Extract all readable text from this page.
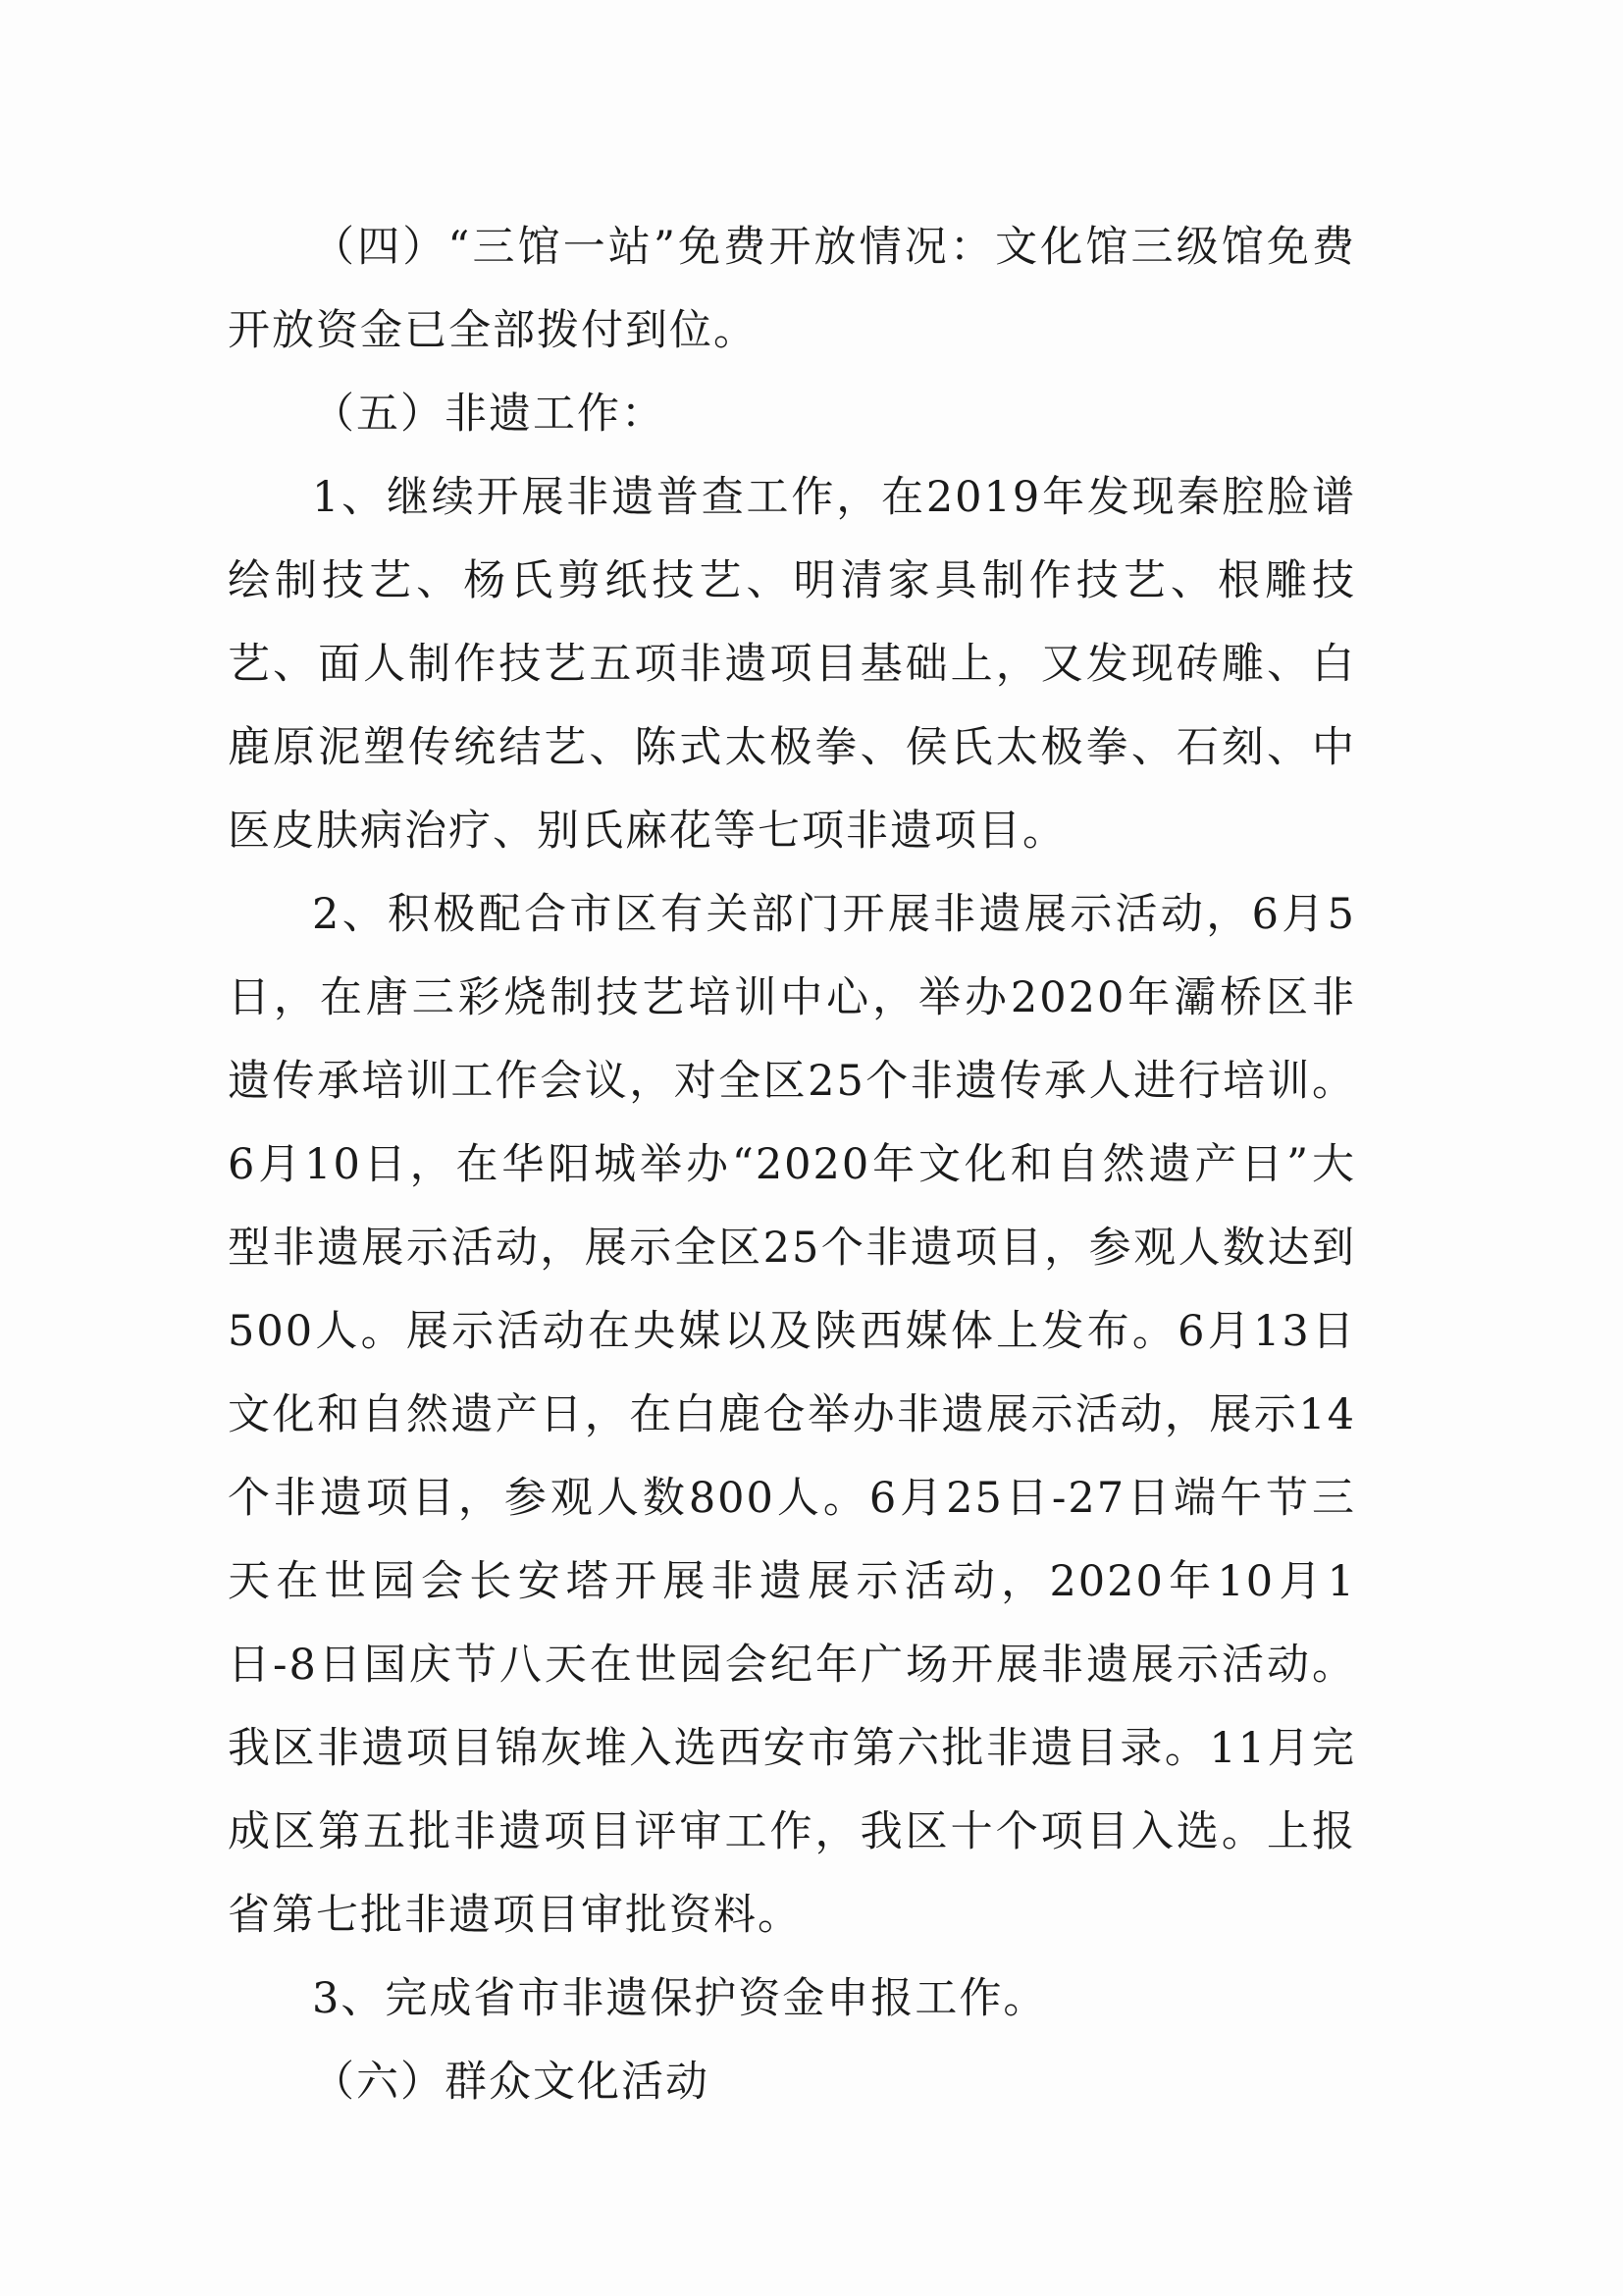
（四）“三馆一站”免费开放情况：文化馆三级馆免费开放资金已全部拨付到位。

（五）非遗工作：

1、继续开展非遗普查工作，在2019年发现秦腔脸谱绘制技艺、杨氏剪纸技艺、明清家具制作技艺、根雕技艺、面人制作技艺五项非遗项目基础上，又发现砖雕、白鹿原泥塑传统结艺、陈式太极拳、侯氏太极拳、石刻、中医皮肤病治疗、别氏麻花等七项非遗项目。

2、积极配合市区有关部门开展非遗展示活动，6月5日，在唐三彩烧制技艺培训中心，举办2020年灞桥区非遗传承培训工作会议，对全区25个非遗传承人进行培训。6月10日，在华阳城举办“2020年文化和自然遗产日”大型非遗展示活动，展示全区25个非遗项目，参观人数达到500人。展示活动在央媒以及陕西媒体上发布。6月13日文化和自然遗产日，在白鹿仓举办非遗展示活动，展示14个非遗项目，参观人数800人。6月25日-27日端午节三天在世园会长安塔开展非遗展示活动，2020年10月1日-8日国庆节八天在世园会纪年广场开展非遗展示活动。我区非遗项目锦灰堆入选西安市第六批非遗目录。11月完成区第五批非遗项目评审工作，我区十个项目入选。上报省第七批非遗项目审批资料。

3、完成省市非遗保护资金申报工作。

（六）群众文化活动
